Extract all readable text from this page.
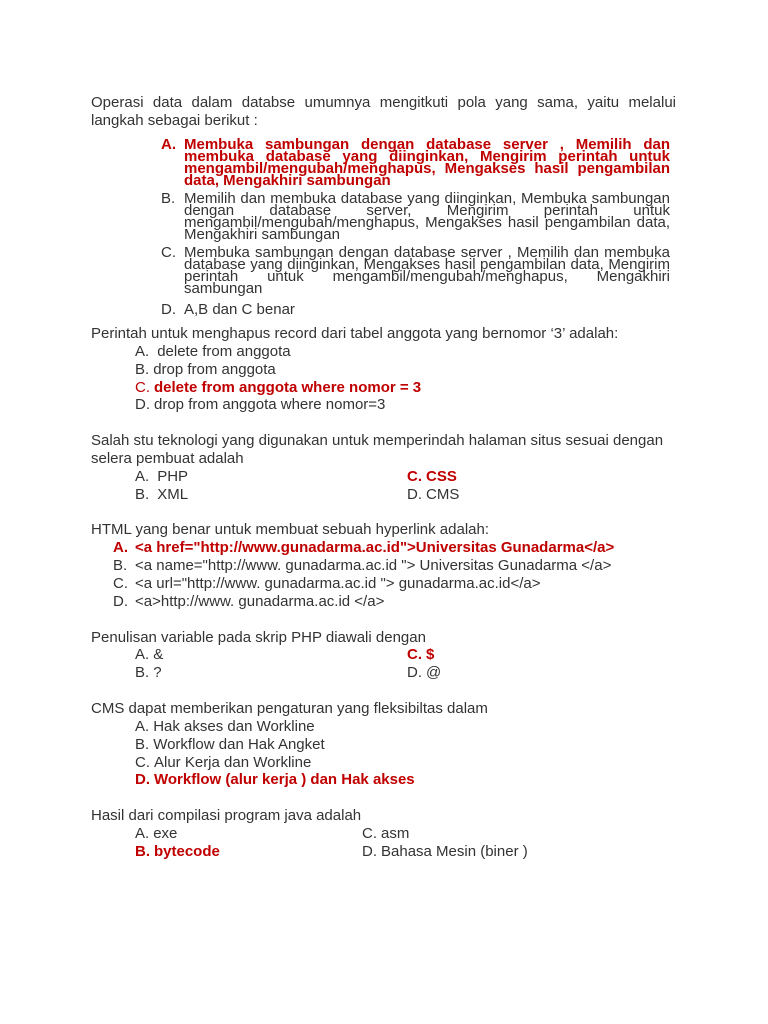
Operasi data dalam databse umumnya mengitkuti pola yang sama, yaitu melalui langkah sebagai berikut :

A. Membuka sambungan dengan database server , Memilih dan membuka database yang diinginkan, Mengirim perintah untuk mengambil/mengubah/menghapus, Mengakses hasil pengambilan data, Mengakhiri sambungan
B. Memilih dan membuka database yang diinginkan, Membuka sambungan dengan database server, Mengirim perintah untuk mengambil/mengubah/menghapus, Mengakses hasil pengambilan data, Mengakhiri sambungan
C. Membuka sambungan dengan database server , Memilih dan membuka database yang diinginkan, Mengakses hasil pengambilan data, Mengirim perintah untuk mengambil/mengubah/menghapus, Mengakhiri sambungan
D. A,B dan C benar
Perintah untuk menghapus record dari tabel anggota yang bernomor ‘3’ adalah:
A. delete from anggota
B. drop from anggota
C. delete from anggota where nomor = 3
D. drop from anggota where nomor=3
Salah stu teknologi yang digunakan untuk memperindah halaman situs sesuai dengan selera pembuat adalah
A. PHP	C. CSS
B. XML	D. CMS
HTML yang benar untuk membuat sebuah hyperlink adalah:
A. <a href="http://www.gunadarma.ac.id">Universitas Gunadarma</a>
B. <a name="http://www. gunadarma.ac.id "> Universitas Gunadarma </a>
C. <a url="http://www. gunadarma.ac.id "> gunadarma.ac.id</a>
D. <a>http://www. gunadarma.ac.id </a>
Penulisan variable pada skrip PHP diawali dengan
A. &	C. $
B. ?	D. @
CMS dapat memberikan pengaturan yang fleksibiltas dalam
A. Hak akses dan Workline
B. Workflow dan Hak Angket
C. Alur Kerja dan Workline
D. Workflow (alur kerja ) dan Hak akses
Hasil dari compilasi program java adalah
A. exe	C. asm
B. bytecode	D. Bahasa Mesin (biner )
